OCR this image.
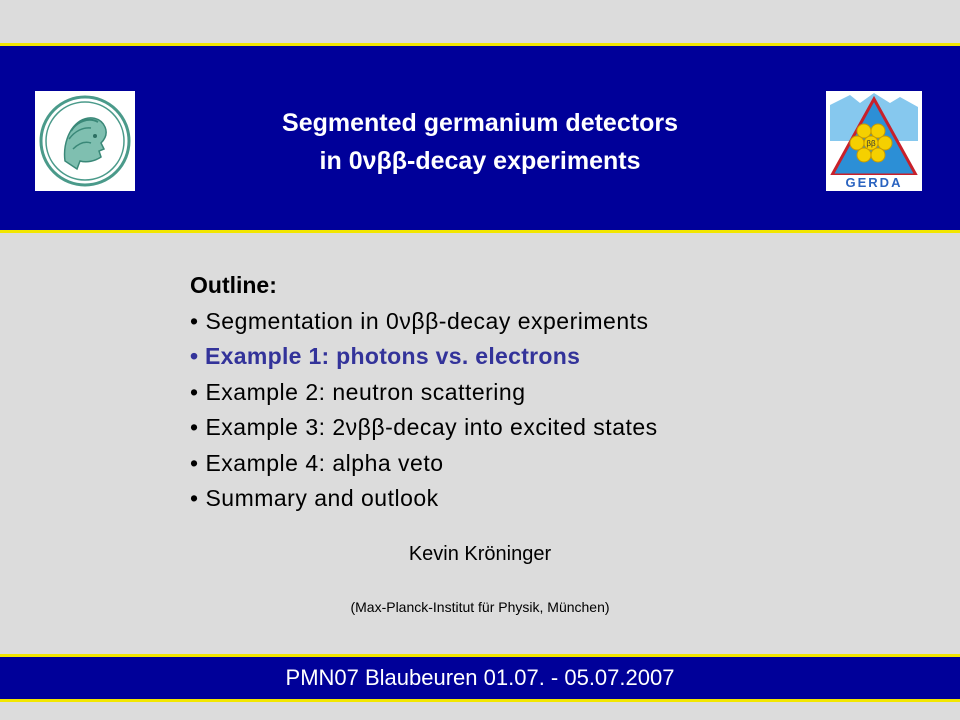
Segmented germanium detectors
in 0νββ-decay experiments
ββ
GERDA
Outline:
• Segmentation in 0νββ-decay experiments
• Example 1: photons vs. electrons
• Example 2: neutron scattering
• Example 3: 2νββ-decay into excited states
• Example 4: alpha veto
• Summary and outlook
Kevin Kröninger
(Max-Planck-Institut für Physik, München)
PMN07 Blaubeuren 01.07. - 05.07.2007
